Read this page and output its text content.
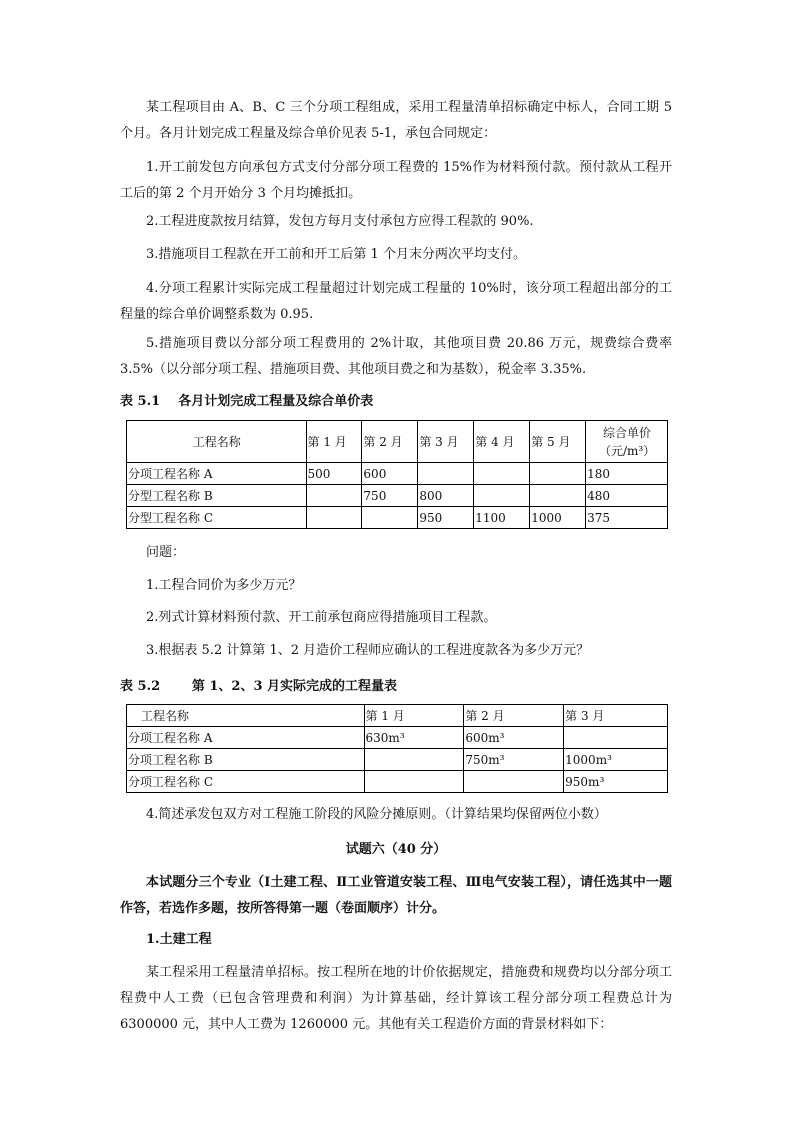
某工程项目由 A、B、C 三个分项工程组成，采用工程量清单招标确定中标人，合同工期 5 个月。各月计划完成工程量及综合单价见表 5-1，承包合同规定：

1.开工前发包方向承包方式支付分部分项工程费的 15%作为材料预付款。预付款从工程开工后的第 2 个月开始分 3 个月均摊抵扣。

2.工程进度款按月结算，发包方每月支付承包方应得工程款的 90%.

3.措施项目工程款在开工前和开工后第 1 个月末分两次平均支付。

4.分项工程累计实际完成工程量超过计划完成工程量的 10%时，该分项工程超出部分的工程量的综合单价调整系数为 0.95.

5.措施项目费以分部分项工程费用的 2%计取，其他项目费 20.86 万元，规费综合费率 3.5%（以分部分项工程、措施项目费、其他项目费之和为基数），税金率 3.35%.

表 5.1    各月计划完成工程量及综合单价表
工程名称	第 1 月	第 2 月	第 3 月	第 4 月	第 5 月	综合单价
（元/m³）

分项工程名称 A	500	600				180
分型工程名称 B		750	800			480
分型工程名称 C			950	1100	1000	375

问题：

1.工程合同价为多少万元？

2.列式计算材料预付款、开工前承包商应得措施项目工程款。

3.根据表 5.2 计算第 1、2 月造价工程师应确认的工程进度款各为多少万元？

表 5.2       第 1、2、3 月实际完成的工程量表
工程名称	第 1 月	第 2 月	第 3 月
分项工程名称 A	630m³	600m³	
分项工程名称 B		750m³	1000m³
分项工程名称 C			950m³

4.简述承发包双方对工程施工阶段的风险分摊原则。（计算结果均保留两位小数）

试题六（40 分）

本试题分三个专业（Ⅰ土建工程、Ⅱ工业管道安装工程、Ⅲ电气安装工程），请任选其中一题作答，若选作多题，按所答得第一题（卷面顺序）计分。

1.土建工程

某工程采用工程量清单招标。按工程所在地的计价依据规定，措施费和规费均以分部分项工程费中人工费（已包含管理费和利润）为计算基础，经计算该工程分部分项工程费总计为 6300000 元，其中人工费为 1260000 元。其他有关工程造价方面的背景材料如下：
